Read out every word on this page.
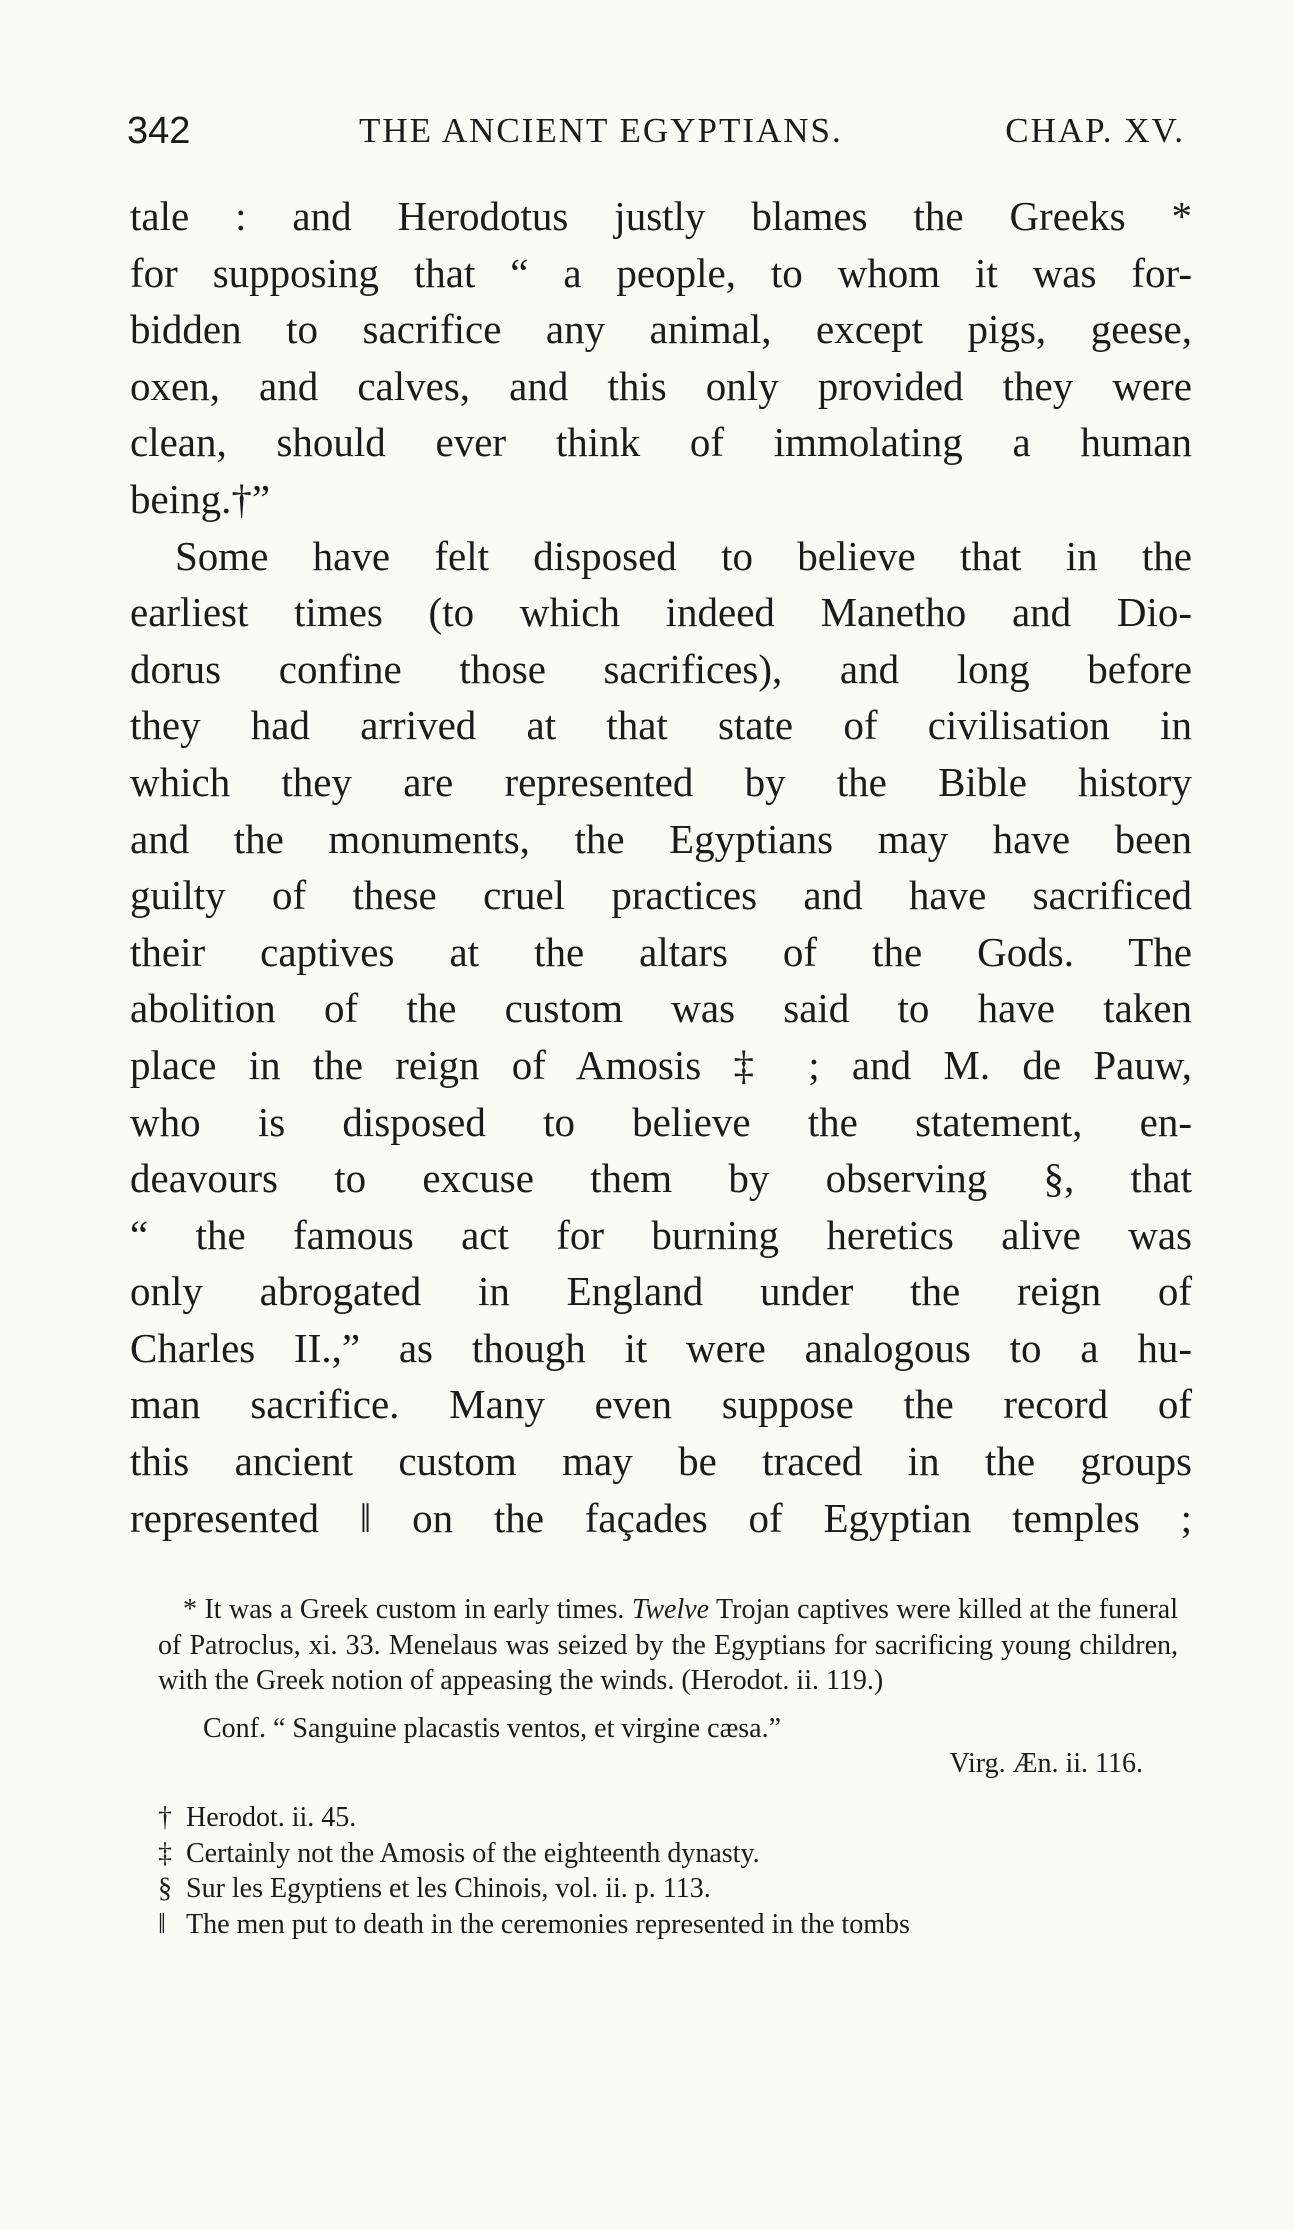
342	THE ANCIENT EGYPTIANS.	CHAP. XV.

tale : and Herodotus justly blames the Greeks *

for supposing that “ a people, to whom it was for-

bidden to sacrifice any animal, except pigs, geese,

oxen, and calves, and this only provided they were

clean, should ever think of immolating a human

being.†”

Some have felt disposed to believe that in the

earliest times (to which indeed Manetho and Dio-

dorus confine those sacrifices), and long before

they had arrived at that state of civilisation in

which they are represented by the Bible history

and the monuments, the Egyptians may have been

guilty of these cruel practices and have sacrificed

their captives at the altars of the Gods. The

abolition of the custom was said to have taken

place in the reign of Amosis ‡ ; and M. de Pauw,

who is disposed to believe the statement, en-

deavours to excuse them by observing §, that

“ the famous act for burning heretics alive was

only abrogated in England under the reign of

Charles II.,” as though it were analogous to a hu-

man sacrifice. Many even suppose the record of

this ancient custom may be traced in the groups

represented ‖ on the façades of Egyptian temples ;

* It was a Greek custom in early times. Twelve Trojan captives were killed at the funeral of Patroclus, xi. 33. Menelaus was seized by the Egyptians for sacrificing young children, with the Greek notion of appeasing the winds. (Herodot. ii. 119.)

Conf. “ Sanguine placastis ventos, et virgine cæsa.”

Virg. Æn. ii. 116.

† Herodot. ii. 45.

‡ Certainly not the Amosis of the eighteenth dynasty.

§ Sur les Egyptiens et les Chinois, vol. ii. p. 113.

‖ The men put to death in the ceremonies represented in the tombs
